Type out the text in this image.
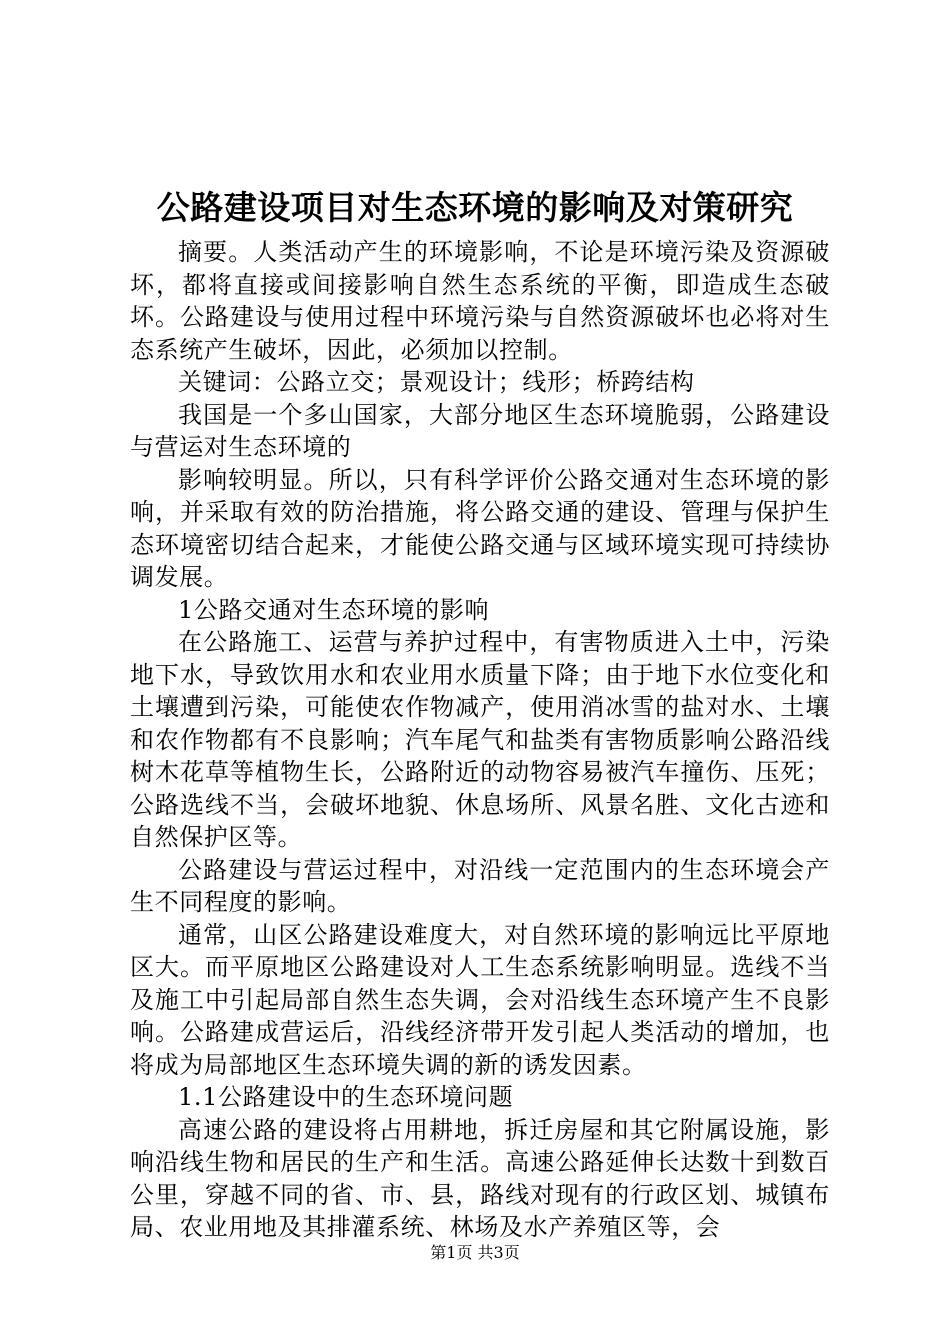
公路建设项目对生态环境的影响及对策研究

摘要。人类活动产生的环境影响，不论是环境污染及资源破坏，都将直接或间接影响自然生态系统的平衡，即造成生态破坏。公路建设与使用过程中环境污染与自然资源破坏也必将对生态系统产生破坏，因此，必须加以控制。

关键词：公路立交；景观设计；线形；桥跨结构

我国是一个多山国家，大部分地区生态环境脆弱，公路建设与营运对生态环境的

影响较明显。所以，只有科学评价公路交通对生态环境的影响，并采取有效的防治措施，将公路交通的建设、管理与保护生态环境密切结合起来，才能使公路交通与区域环境实现可持续协调发展。

1公路交通对生态环境的影响

在公路施工、运营与养护过程中，有害物质进入土中，污染地下水，导致饮用水和农业用水质量下降；由于地下水位变化和土壤遭到污染，可能使农作物减产，使用消冰雪的盐对水、土壤和农作物都有不良影响；汽车尾气和盐类有害物质影响公路沿线树木花草等植物生长，公路附近的动物容易被汽车撞伤、压死；公路选线不当，会破坏地貌、休息场所、风景名胜、文化古迹和自然保护区等。

公路建设与营运过程中，对沿线一定范围内的生态环境会产生不同程度的影响。

通常，山区公路建设难度大，对自然环境的影响远比平原地区大。而平原地区公路建设对人工生态系统影响明显。选线不当及施工中引起局部自然生态失调，会对沿线生态环境产生不良影响。公路建成营运后，沿线经济带开发引起人类活动的增加，也将成为局部地区生态环境失调的新的诱发因素。

1.1公路建设中的生态环境问题

高速公路的建设将占用耕地，拆迁房屋和其它附属设施，影响沿线生物和居民的生产和生活。高速公路延伸长达数十到数百公里，穿越不同的省、市、县，路线对现有的行政区划、城镇布局、农业用地及其排灌系统、林场及水产养殖区等，会

第1页 共3页
